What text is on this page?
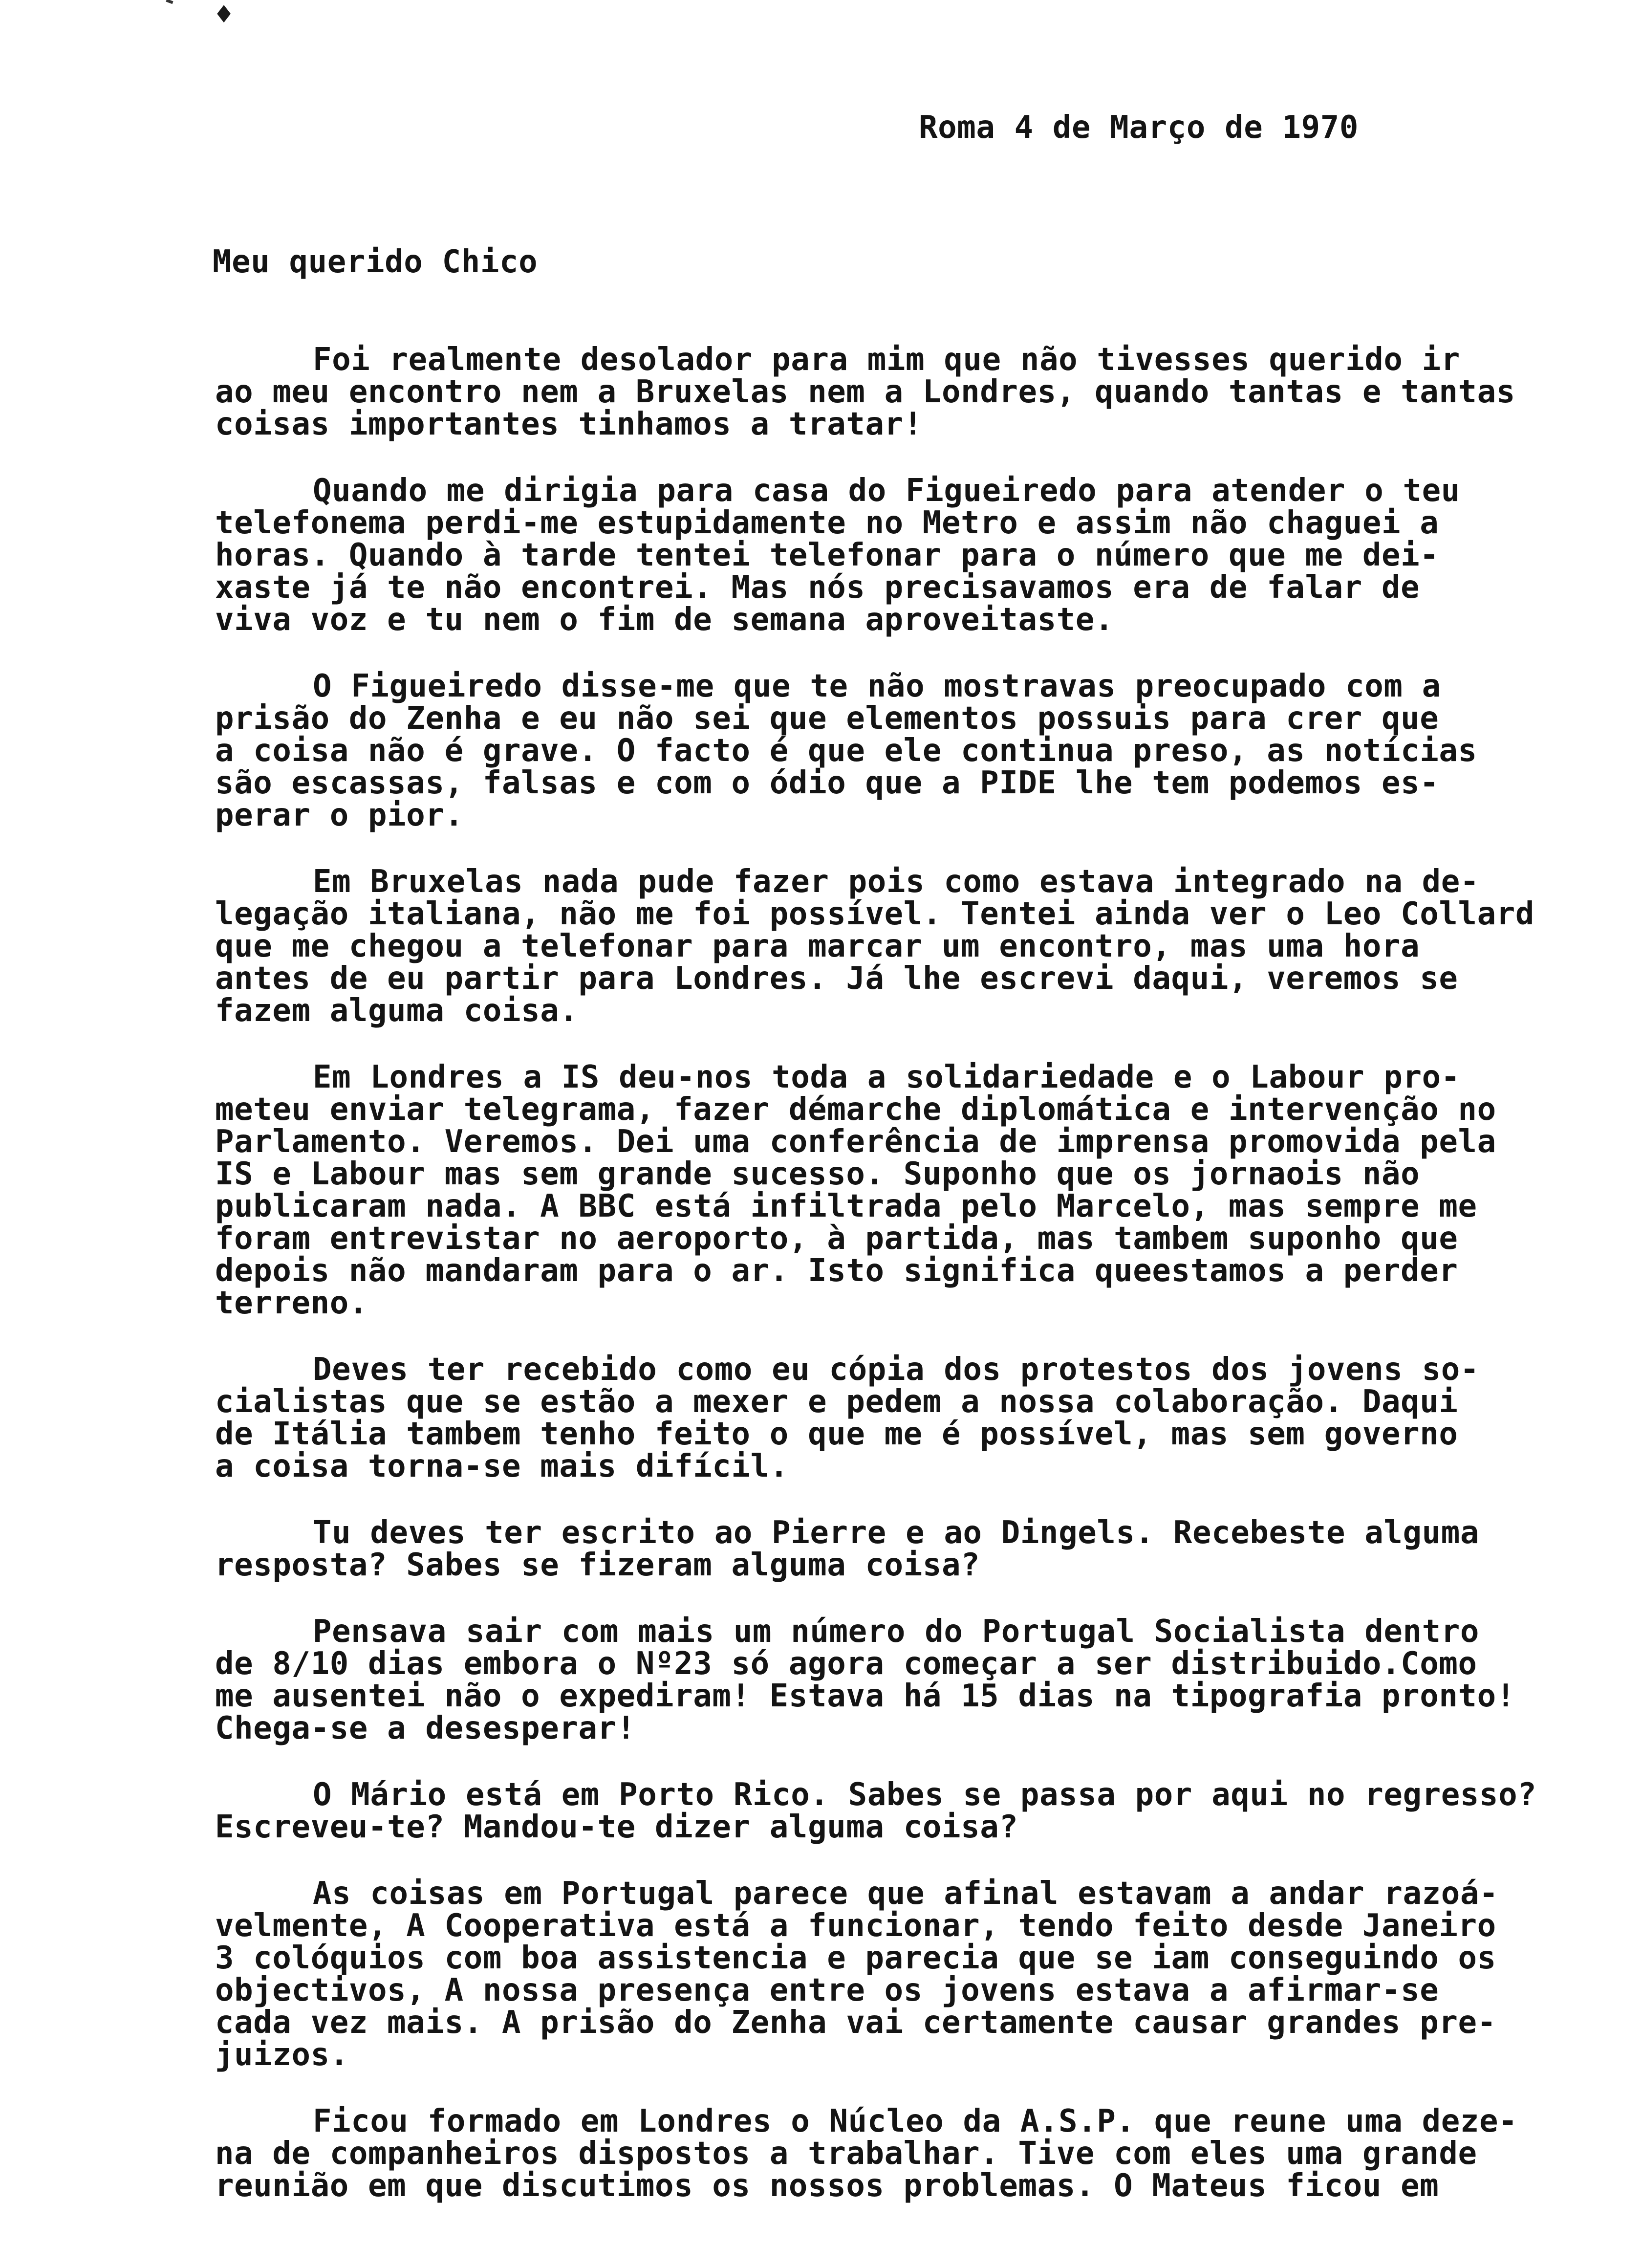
♦
Roma 4 de Março de 1970
Meu querido Chico
Foi realmente desolador para mim que não tivesses querido ir
ao meu encontro nem a Bruxelas nem a Londres, quando tantas e tantas
coisas importantes tinhamos a tratar!
Quando me dirigia para casa do Figueiredo para atender o teu
telefonema perdi-me estupidamente no Metro e assim não chaguei a
horas. Quando à tarde tentei telefonar para o número que me dei-
xaste já te não encontrei. Mas nós precisavamos era de falar de
viva voz e tu nem o fim de semana aproveitaste.
O Figueiredo disse-me que te não mostravas preocupado com a
prisão do Zenha e eu não sei que elementos possuis para crer que
a coisa não é grave. O facto é que ele continua preso, as notícias
são escassas, falsas e com o ódio que a PIDE lhe tem podemos es-
perar o pior.
Em Bruxelas nada pude fazer pois como estava integrado na de-
legação italiana, não me foi possível. Tentei ainda ver o Leo Collard
que me chegou a telefonar para marcar um encontro, mas uma hora
antes de eu partir para Londres. Já lhe escrevi daqui, veremos se
fazem alguma coisa.
Em Londres a IS deu-nos toda a solidariedade e o Labour pro-
meteu enviar telegrama, fazer démarche diplomática e intervenção no
Parlamento. Veremos. Dei uma conferência de imprensa promovida pela
IS e Labour mas sem grande sucesso. Suponho que os jornaois não
publicaram nada. A BBC está infiltrada pelo Marcelo, mas sempre me
foram entrevistar no aeroporto, à partida, mas tambem suponho que
depois não mandaram para o ar. Isto significa queestamos a perder
terreno.
Deves ter recebido como eu cópia dos protestos dos jovens so-
cialistas que se estão a mexer e pedem a nossa colaboração. Daqui
de Itália tambem tenho feito o que me é possível, mas sem governo
a coisa torna-se mais difícil.
Tu deves ter escrito ao Pierre e ao Dingels. Recebeste alguma
resposta? Sabes se fizeram alguma coisa?
Pensava sair com mais um número do Portugal Socialista dentro
de 8/10 dias embora o Nº23 só agora começar a ser distribuido.Como
me ausentei não o expediram! Estava há 15 dias na tipografia pronto!
Chega-se a desesperar!
O Mário está em Porto Rico. Sabes se passa por aqui no regresso?
Escreveu-te? Mandou-te dizer alguma coisa?
As coisas em Portugal parece que afinal estavam a andar razoá-
velmente, A Cooperativa está a funcionar, tendo feito desde Janeiro
3 colóquios com boa assistencia e parecia que se iam conseguindo os
objectivos, A nossa presença entre os jovens estava a afirmar-se
cada vez mais. A prisão do Zenha vai certamente causar grandes pre-
juizos.
Ficou formado em Londres o Núcleo da A.S.P. que reune uma deze-
na de companheiros dispostos a trabalhar. Tive com eles uma grande
reunião em que discutimos os nossos problemas. O Mateus ficou em
